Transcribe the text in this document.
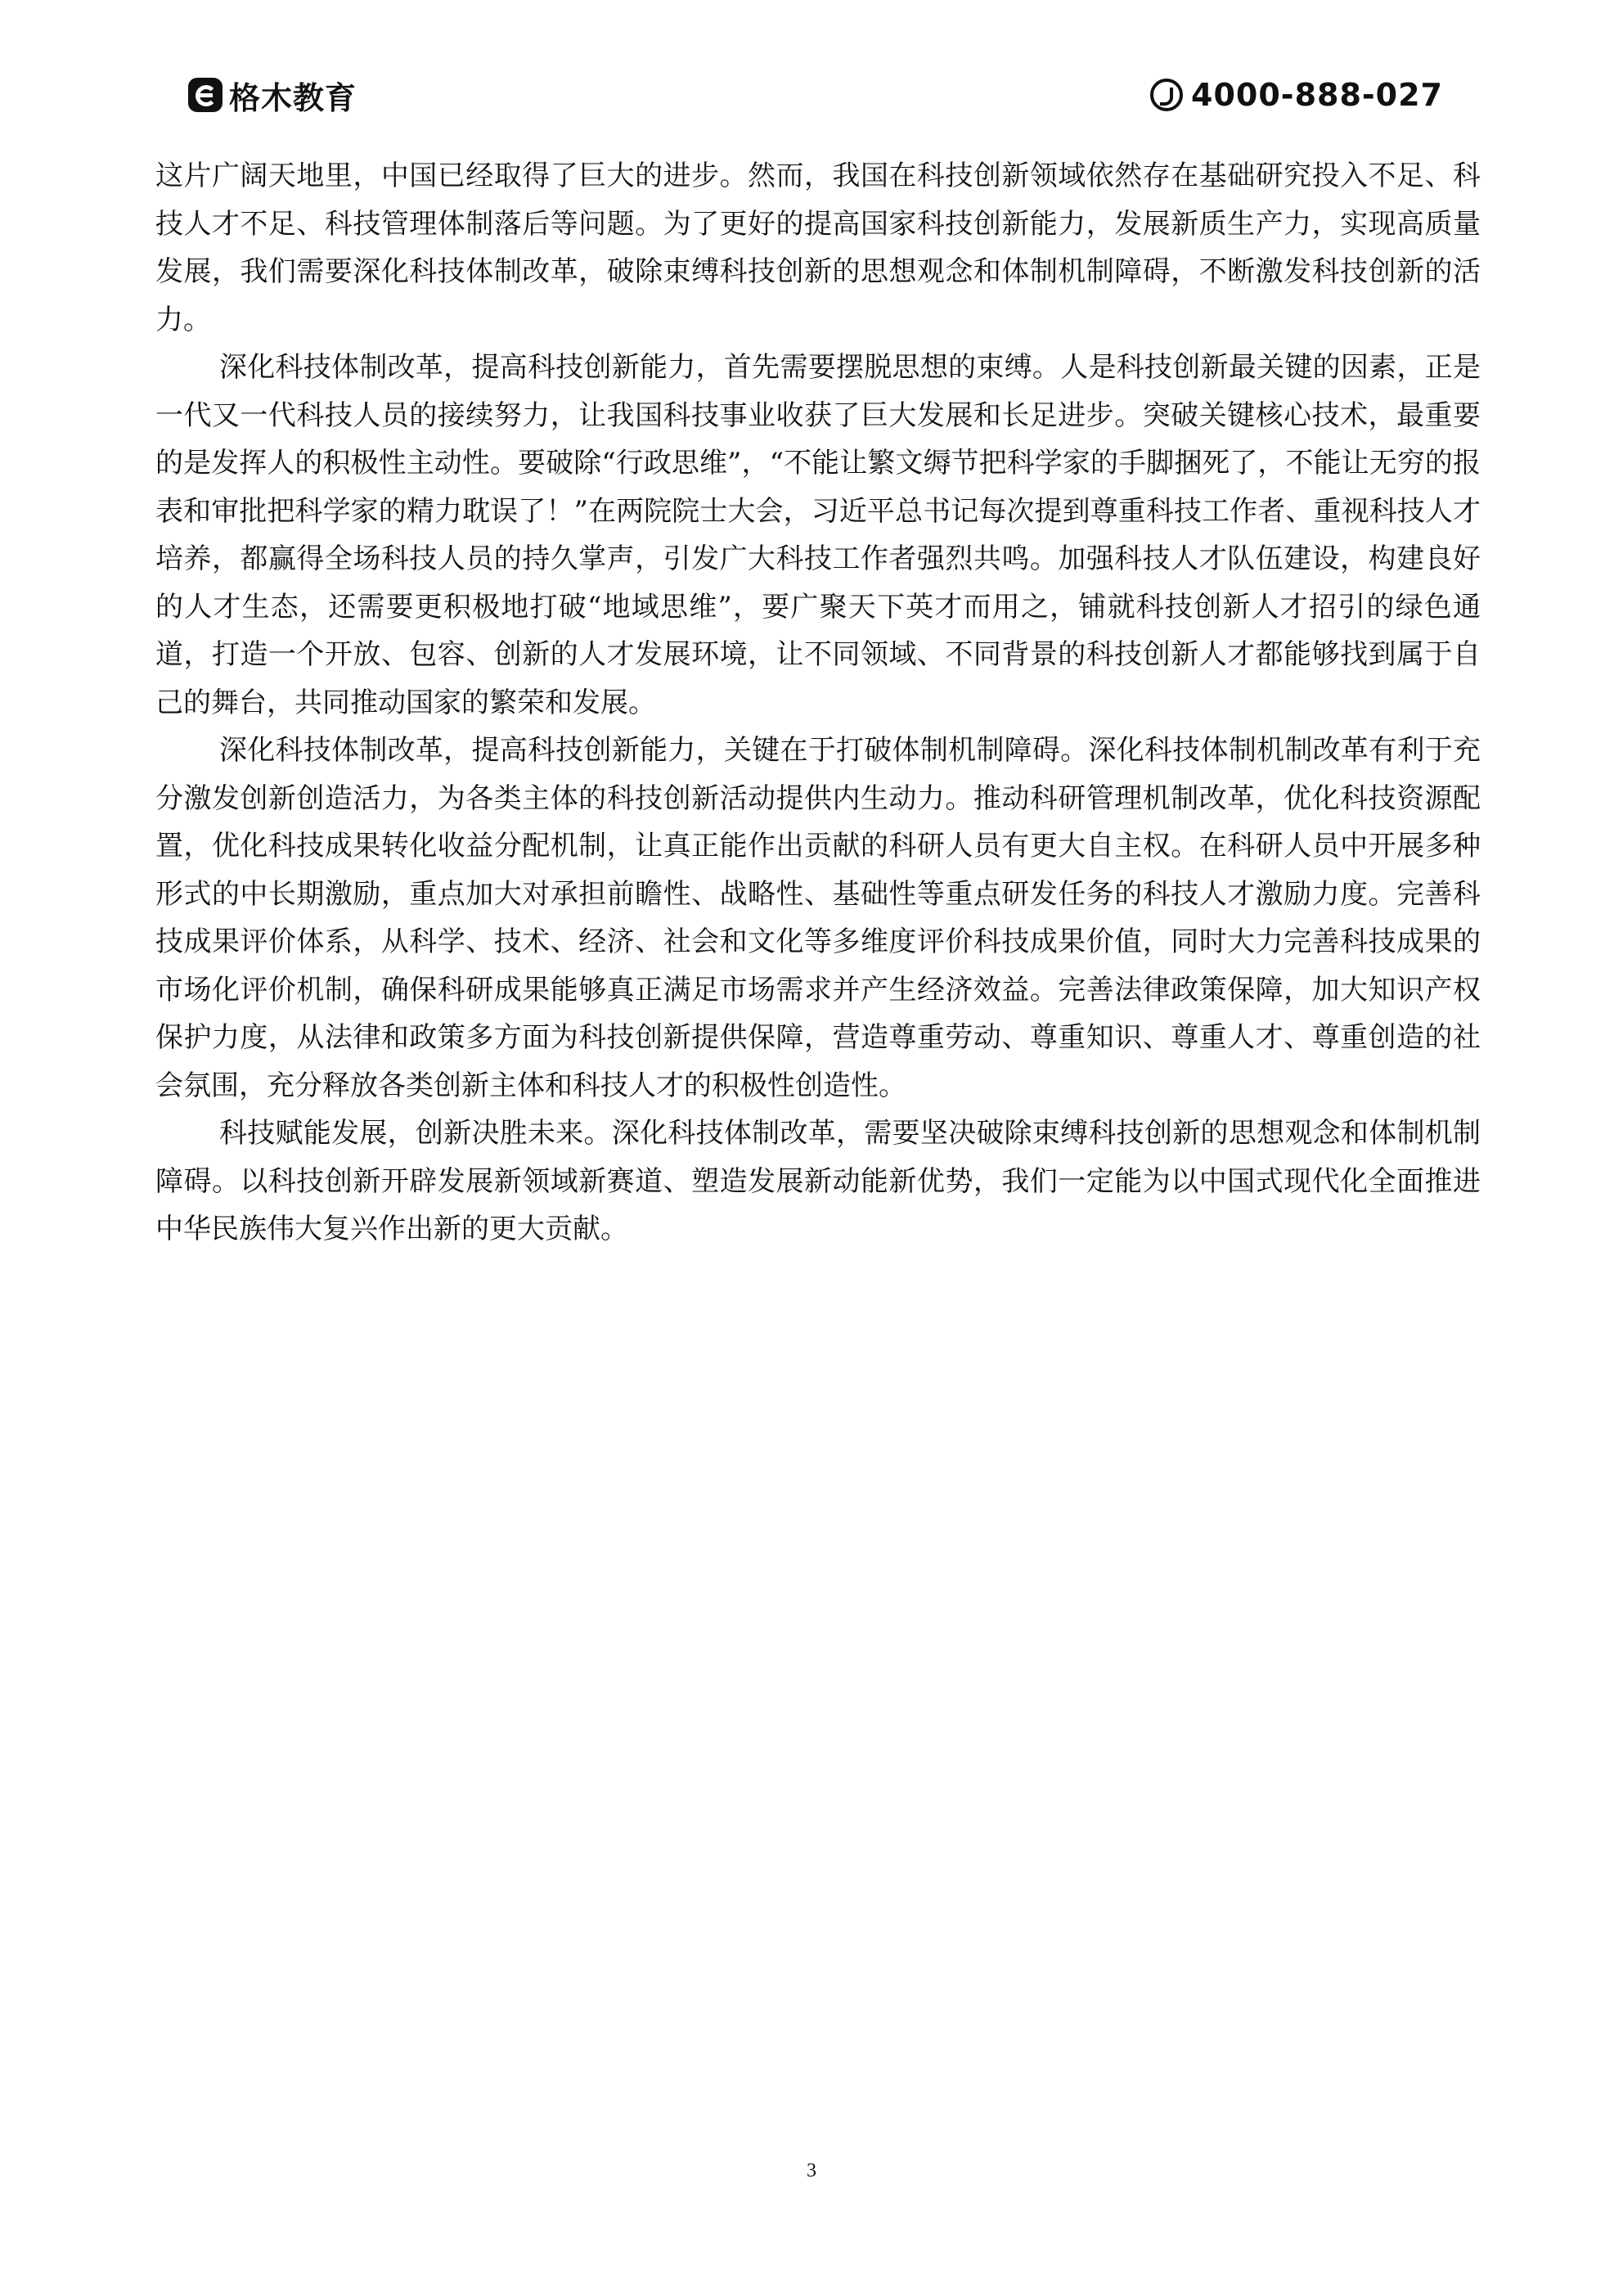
格木教育	4000-888-027

这片广阔天地里，中国已经取得了巨大的进步。然而，我国在科技创新领域依然存在基础研究投入不足、科技人才不足、科技管理体制落后等问题。为了更好的提高国家科技创新能力，发展新质生产力，实现高质量发展，我们需要深化科技体制改革，破除束缚科技创新的思想观念和体制机制障碍，不断激发科技创新的活力。

深化科技体制改革，提高科技创新能力，首先需要摆脱思想的束缚。人是科技创新最关键的因素，正是一代又一代科技人员的接续努力，让我国科技事业收获了巨大发展和长足进步。突破关键核心技术，最重要的是发挥人的积极性主动性。要破除“行政思维”，“不能让繁文缛节把科学家的手脚捆死了，不能让无穷的报表和审批把科学家的精力耽误了！”在两院院士大会，习近平总书记每次提到尊重科技工作者、重视科技人才培养，都赢得全场科技人员的持久掌声，引发广大科技工作者强烈共鸣。加强科技人才队伍建设，构建良好的人才生态，还需要更积极地打破“地域思维”，要广聚天下英才而用之，铺就科技创新人才招引的绿色通道，打造一个开放、包容、创新的人才发展环境，让不同领域、不同背景的科技创新人才都能够找到属于自己的舞台，共同推动国家的繁荣和发展。

深化科技体制改革，提高科技创新能力，关键在于打破体制机制障碍。深化科技体制机制改革有利于充分激发创新创造活力，为各类主体的科技创新活动提供内生动力。推动科研管理机制改革，优化科技资源配置，优化科技成果转化收益分配机制，让真正能作出贡献的科研人员有更大自主权。在科研人员中开展多种形式的中长期激励，重点加大对承担前瞻性、战略性、基础性等重点研发任务的科技人才激励力度。完善科技成果评价体系，从科学、技术、经济、社会和文化等多维度评价科技成果价值，同时大力完善科技成果的市场化评价机制，确保科研成果能够真正满足市场需求并产生经济效益。完善法律政策保障，加大知识产权保护力度，从法律和政策多方面为科技创新提供保障，营造尊重劳动、尊重知识、尊重人才、尊重创造的社会氛围，充分释放各类创新主体和科技人才的积极性创造性。

科技赋能发展，创新决胜未来。深化科技体制改革，需要坚决破除束缚科技创新的思想观念和体制机制障碍。以科技创新开辟发展新领域新赛道、塑造发展新动能新优势，我们一定能为以中国式现代化全面推进中华民族伟大复兴作出新的更大贡献。

3
